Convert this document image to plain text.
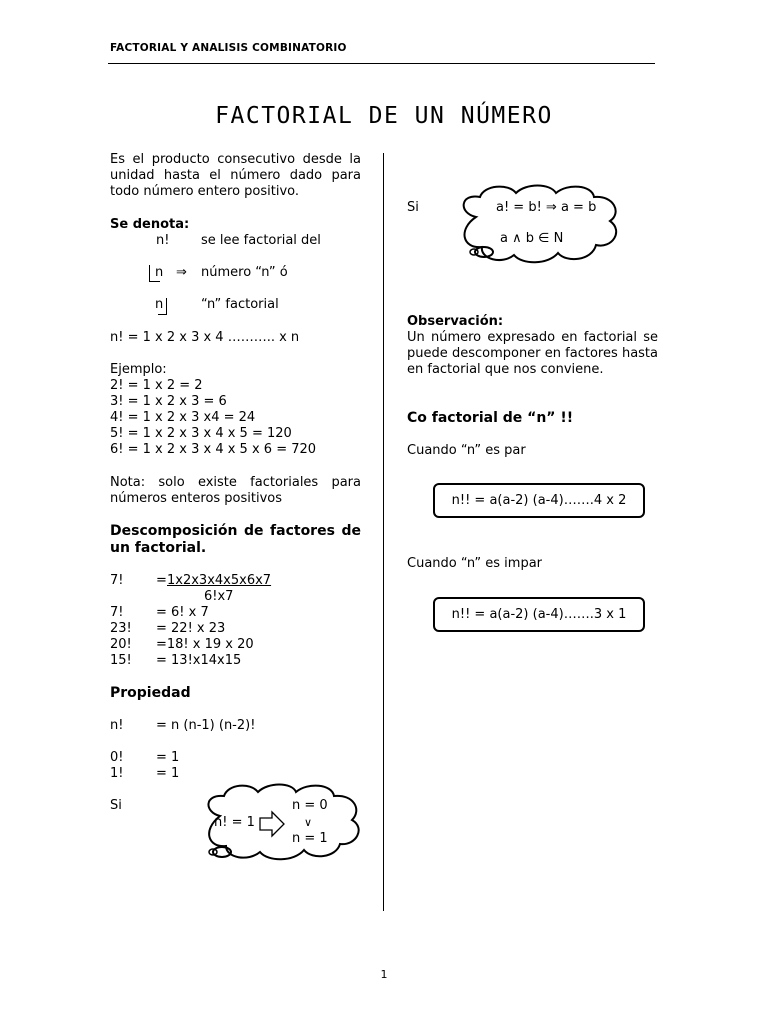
FACTORIAL Y ANALISIS COMBINATORIO
FACTORIAL DE UN NÚMERO
Es el producto consecutivo desde la unidad hasta el número dado para todo número entero positivo.
Se denota:
n! se lee factorial del
n ⇒ número “n” ó
n	“n” factorial
n! = 1 x 2 x 3 x 4 ……….. x n
Ejemplo:
2! = 1 x 2 = 2
3! = 1 x 2 x 3 = 6
4! = 1 x 2 x 3 x4 = 24
5! = 1 x 2 x 3 x 4 x 5 = 120
6! = 1 x 2 x 3 x 4 x 5 x 6 = 720
Nota: solo existe factoriales para números enteros positivos
Descomposición de factores de un factorial.
7!	=1x2x3x4x5x6x7
6!x7
7!	= 6! x 7
23! = 22! x 23
20! =18! x 19 x 20
15! = 13!x14x15
Propiedad
n!	= n (n-1) (n-2)!
0!	= 1
1!	= 1
Si
n! = 1
n = 0
∨
n = 1
Si	a! = b! ⇒ a = b
a ∧ b ∈ N
Observación:
Un número expresado en factorial se puede descomponer en factores hasta en factorial que nos conviene.
Co factorial de “n” !!
Cuando “n” es par
n!! = a(a-2) (a-4)…….4 x 2
Cuando “n” es impar
n!! = a(a-2) (a-4)…….3 x 1
1
